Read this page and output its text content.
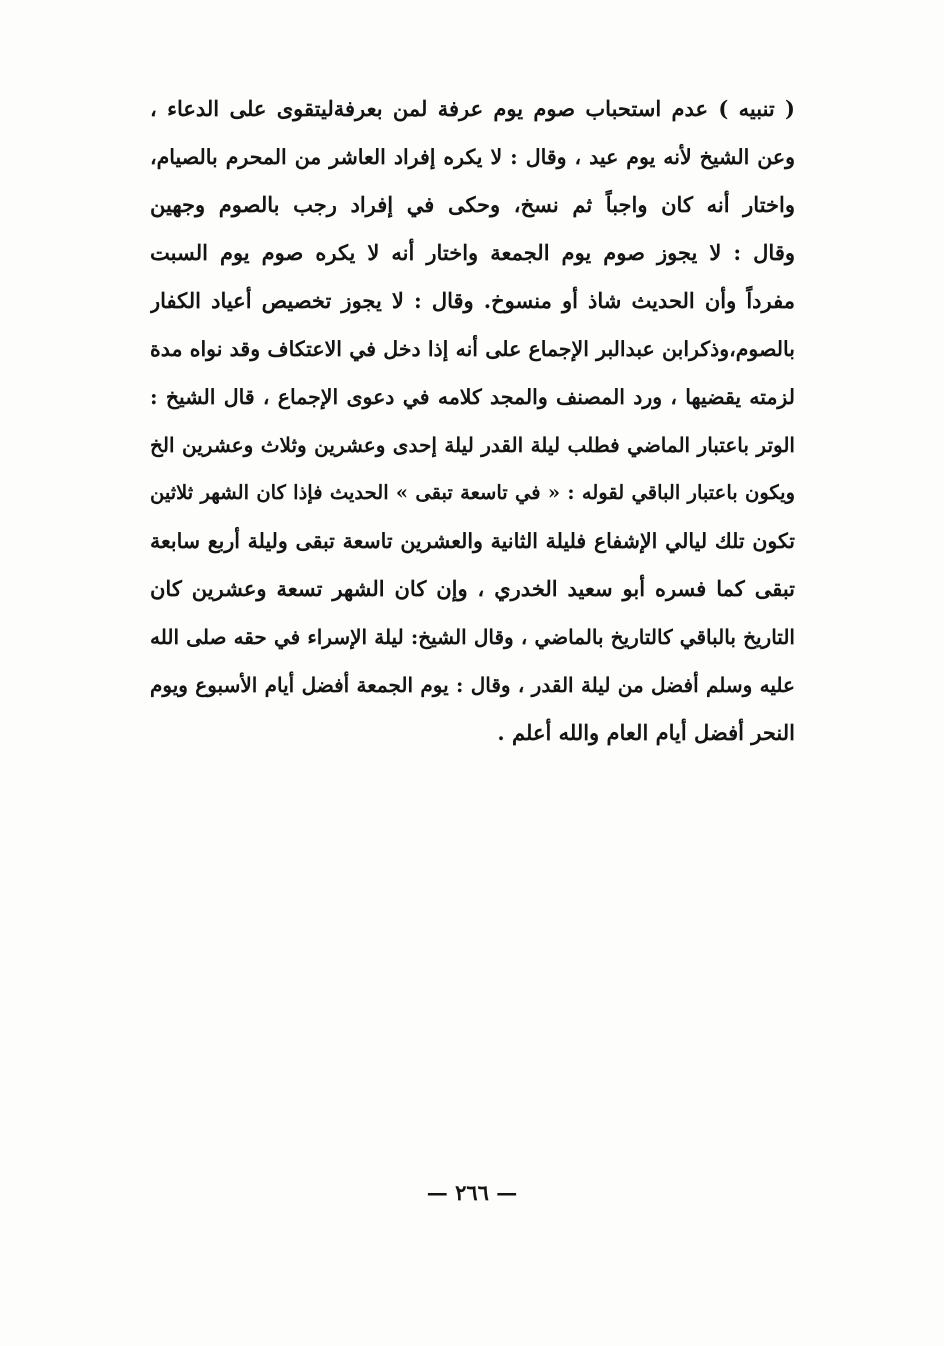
( تنبيه ) عدم استحباب صوم يوم عرفة لمن بعرفةليتقوى على الدعاء ،
وعن الشيخ لأنه يوم عيد ، وقال : لا يكره إفراد العاشر من المحرم بالصيام،
واختار أنه كان واجباً ثم نسخ، وحكى في إفراد رجب بالصوم وجهين
وقال : لا يجوز صوم يوم الجمعة واختار أنه لا يكره صوم يوم السبت
مفرداً وأن الحديث شاذ أو منسوخ. وقال : لا يجوز تخصيص أعياد الكفار
بالصوم،وذكرابن عبدالبر الإجماع على أنه إذا دخل في الاعتكاف وقد نواه مدة
لزمته يقضيها ، ورد المصنف والمجد كلامه في دعوى الإجماع ، قال الشيخ :
الوتر باعتبار الماضي فطلب ليلة القدر ليلة إحدى وعشرين وثلاث وعشرين الخ
ويكون باعتبار الباقي لقوله : « في تاسعة تبقى » الحديث فإذا كان الشهر ثلاثين
تكون تلك ليالي الإشفاع فليلة الثانية والعشرين تاسعة تبقى وليلة أربع سابعة
تبقى كما فسره أبو سعيد الخدري ، وإن كان الشهر تسعة وعشرين كان
التاريخ بالباقي كالتاريخ بالماضي ، وقال الشيخ: ليلة الإسراء في حقه صلى الله
عليه وسلم أفضل من ليلة القدر ، وقال : يوم الجمعة أفضل أيام الأسبوع ويوم
النحر أفضل أيام العام والله أعلم .
— ٢٦٦ —
